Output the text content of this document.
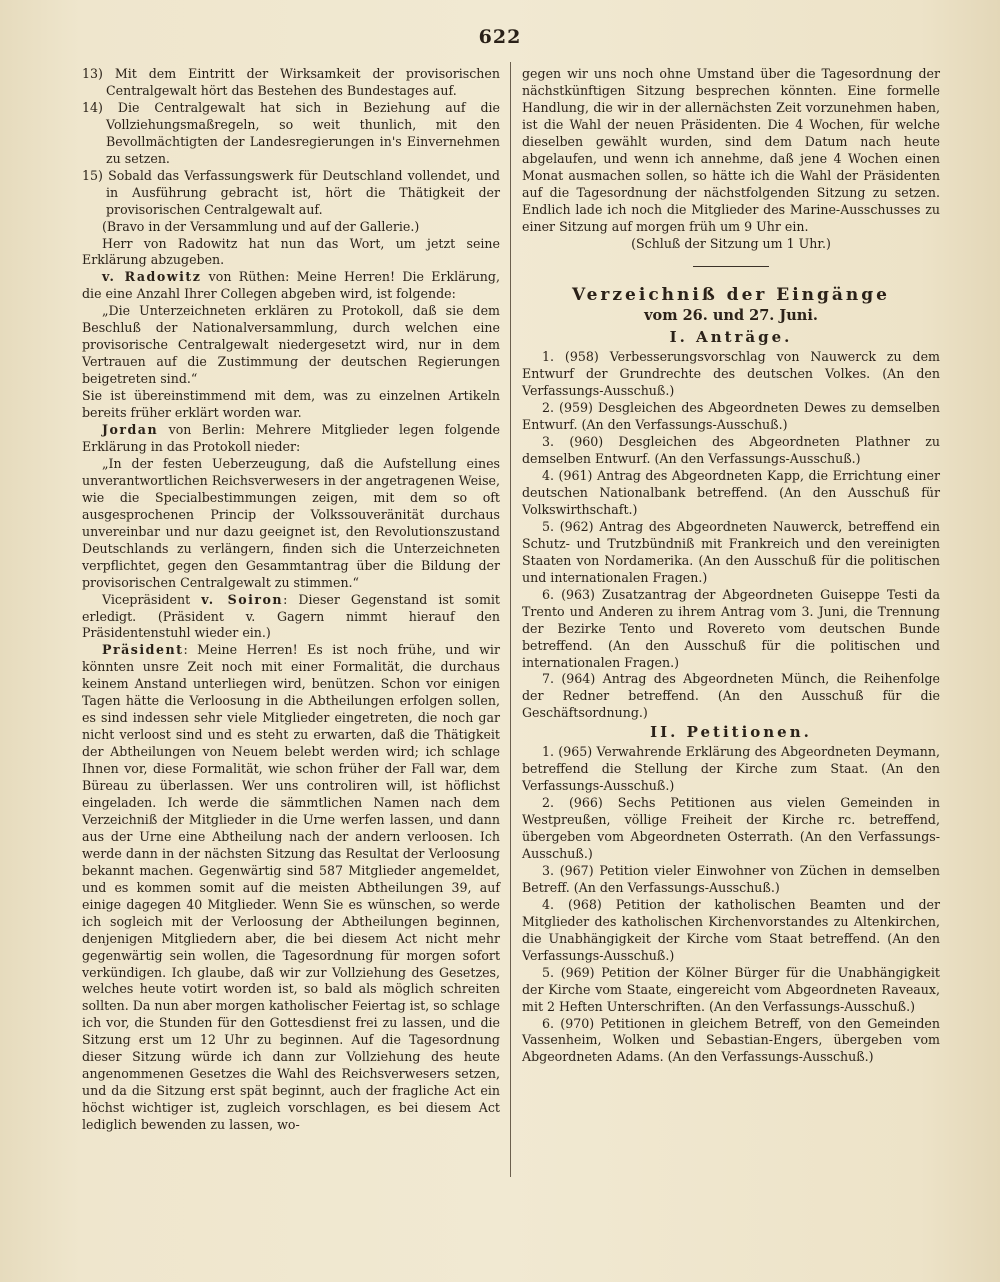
622

13) Mit dem Eintritt der Wirksamkeit der provisorischen Centralgewalt hört das Bestehen des Bundestages auf.

14) Die Centralgewalt hat sich in Beziehung auf die Vollziehungsmaßregeln, so weit thunlich, mit den Bevollmächtigten der Landesregierungen in's Einvernehmen zu setzen.

15) Sobald das Verfassungswerk für Deutschland vollendet, und in Ausführung gebracht ist, hört die Thätigkeit der provisorischen Centralgewalt auf.

(Bravo in der Versammlung und auf der Gallerie.)

Herr von Radowitz hat nun das Wort, um jetzt seine Erklärung abzugeben.

v. Radowitz von Rüthen: Meine Herren! Die Erklärung, die eine Anzahl Ihrer Collegen abgeben wird, ist folgende:

„Die Unterzeichneten erklären zu Protokoll, daß sie dem Beschluß der Nationalversammlung, durch welchen eine provisorische Centralgewalt niedergesetzt wird, nur in dem Vertrauen auf die Zustimmung der deutschen Regierungen beigetreten sind.“

Sie ist übereinstimmend mit dem, was zu einzelnen Artikeln bereits früher erklärt worden war.

Jordan von Berlin: Mehrere Mitglieder legen folgende Erklärung in das Protokoll nieder:

„In der festen Ueberzeugung, daß die Aufstellung eines unverantwortlichen Reichsverwesers in der angetragenen Weise, wie die Specialbestimmungen zeigen, mit dem so oft ausgesprochenen Princip der Volkssouveränität durchaus unvereinbar und nur dazu geeignet ist, den Revolutionszustand Deutschlands zu verlängern, finden sich die Unterzeichneten verpflichtet, gegen den Gesammtantrag über die Bildung der provisorischen Centralgewalt zu stimmen.“

Vicepräsident v. Soiron: Dieser Gegenstand ist somit erledigt. (Präsident v. Gagern nimmt hierauf den Präsidentenstuhl wieder ein.)

Präsident: Meine Herren! Es ist noch frühe, und wir könnten unsre Zeit noch mit einer Formalität, die durchaus keinem Anstand unterliegen wird, benützen. Schon vor einigen Tagen hätte die Verloosung in die Abtheilungen erfolgen sollen, es sind indessen sehr viele Mitglieder eingetreten, die noch gar nicht verloost sind und es steht zu erwarten, daß die Thätigkeit der Abtheilungen von Neuem belebt werden wird; ich schlage Ihnen vor, diese Formalität, wie schon früher der Fall war, dem Büreau zu überlassen. Wer uns controliren will, ist höflichst eingeladen. Ich werde die sämmtlichen Namen nach dem Verzeichniß der Mitglieder in die Urne werfen lassen, und dann aus der Urne eine Abtheilung nach der andern verloosen. Ich werde dann in der nächsten Sitzung das Resultat der Verloosung bekannt machen. Gegenwärtig sind 587 Mitglieder angemeldet, und es kommen somit auf die meisten Abtheilungen 39, auf einige dagegen 40 Mitglieder. Wenn Sie es wünschen, so werde ich sogleich mit der Verloosung der Abtheilungen beginnen, denjenigen Mitgliedern aber, die bei diesem Act nicht mehr gegenwärtig sein wollen, die Tagesordnung für morgen sofort verkündigen. Ich glaube, daß wir zur Vollziehung des Gesetzes, welches heute votirt worden ist, so bald als möglich schreiten sollten. Da nun aber morgen katholischer Feiertag ist, so schlage ich vor, die Stunden für den Gottesdienst frei zu lassen, und die Sitzung erst um 12 Uhr zu beginnen. Auf die Tagesordnung dieser Sitzung würde ich dann zur Vollziehung des heute angenommenen Gesetzes die Wahl des Reichsverwesers setzen, und da die Sitzung erst spät beginnt, auch der fragliche Act ein höchst wichtiger ist, zugleich vorschlagen, es bei diesem Act lediglich bewenden zu lassen, wo-

gegen wir uns noch ohne Umstand über die Tagesordnung der nächstkünftigen Sitzung besprechen könnten. Eine formelle Handlung, die wir in der allernächsten Zeit vorzunehmen haben, ist die Wahl der neuen Präsidenten. Die 4 Wochen, für welche dieselben gewählt wurden, sind dem Datum nach heute abgelaufen, und wenn ich annehme, daß jene 4 Wochen einen Monat ausmachen sollen, so hätte ich die Wahl der Präsidenten auf die Tagesordnung der nächstfolgenden Sitzung zu setzen. Endlich lade ich noch die Mitglieder des Marine-Ausschusses zu einer Sitzung auf morgen früh um 9 Uhr ein.

(Schluß der Sitzung um 1 Uhr.)

Verzeichniß der Eingänge
vom 26. und 27. Juni.
I. Anträge.

1. (958) Verbesserungsvorschlag von Nauwerck zu dem Entwurf der Grundrechte des deutschen Volkes. (An den Verfassungs-Ausschuß.)

2. (959) Desgleichen des Abgeordneten Dewes zu demselben Entwurf. (An den Verfassungs-Ausschuß.)

3. (960) Desgleichen des Abgeordneten Plathner zu demselben Entwurf. (An den Verfassungs-Ausschuß.)

4. (961) Antrag des Abgeordneten Kapp, die Errichtung einer deutschen Nationalbank betreffend. (An den Ausschuß für Volkswirthschaft.)

5. (962) Antrag des Abgeordneten Nauwerck, betreffend ein Schutz- und Trutzbündniß mit Frankreich und den vereinigten Staaten von Nordamerika. (An den Ausschuß für die politischen und internationalen Fragen.)

6. (963) Zusatzantrag der Abgeordneten Guiseppe Testi da Trento und Anderen zu ihrem Antrag vom 3. Juni, die Trennung der Bezirke Tento und Rovereto vom deutschen Bunde betreffend. (An den Ausschuß für die politischen und internationalen Fragen.)

7. (964) Antrag des Abgeordneten Münch, die Reihenfolge der Redner betreffend. (An den Ausschuß für die Geschäftsordnung.)

II. Petitionen.

1. (965) Verwahrende Erklärung des Abgeordneten Deymann, betreffend die Stellung der Kirche zum Staat. (An den Verfassungs-Ausschuß.)

2. (966) Sechs Petitionen aus vielen Gemeinden in Westpreußen, völlige Freiheit der Kirche rc. betreffend, übergeben vom Abgeordneten Osterrath. (An den Verfassungs-Ausschuß.)

3. (967) Petition vieler Einwohner von Züchen in demselben Betreff. (An den Verfassungs-Ausschuß.)

4. (968) Petition der katholischen Beamten und der Mitglieder des katholischen Kirchenvorstandes zu Altenkirchen, die Unabhängigkeit der Kirche vom Staat betreffend. (An den Verfassungs-Ausschuß.)

5. (969) Petition der Kölner Bürger für die Unabhängigkeit der Kirche vom Staate, eingereicht vom Abgeordneten Raveaux, mit 2 Heften Unterschriften. (An den Verfassungs-Ausschuß.)

6. (970) Petitionen in gleichem Betreff, von den Gemeinden Vassenheim, Wolken und Sebastian-Engers, übergeben vom Abgeordneten Adams. (An den Verfassungs-Ausschuß.)
